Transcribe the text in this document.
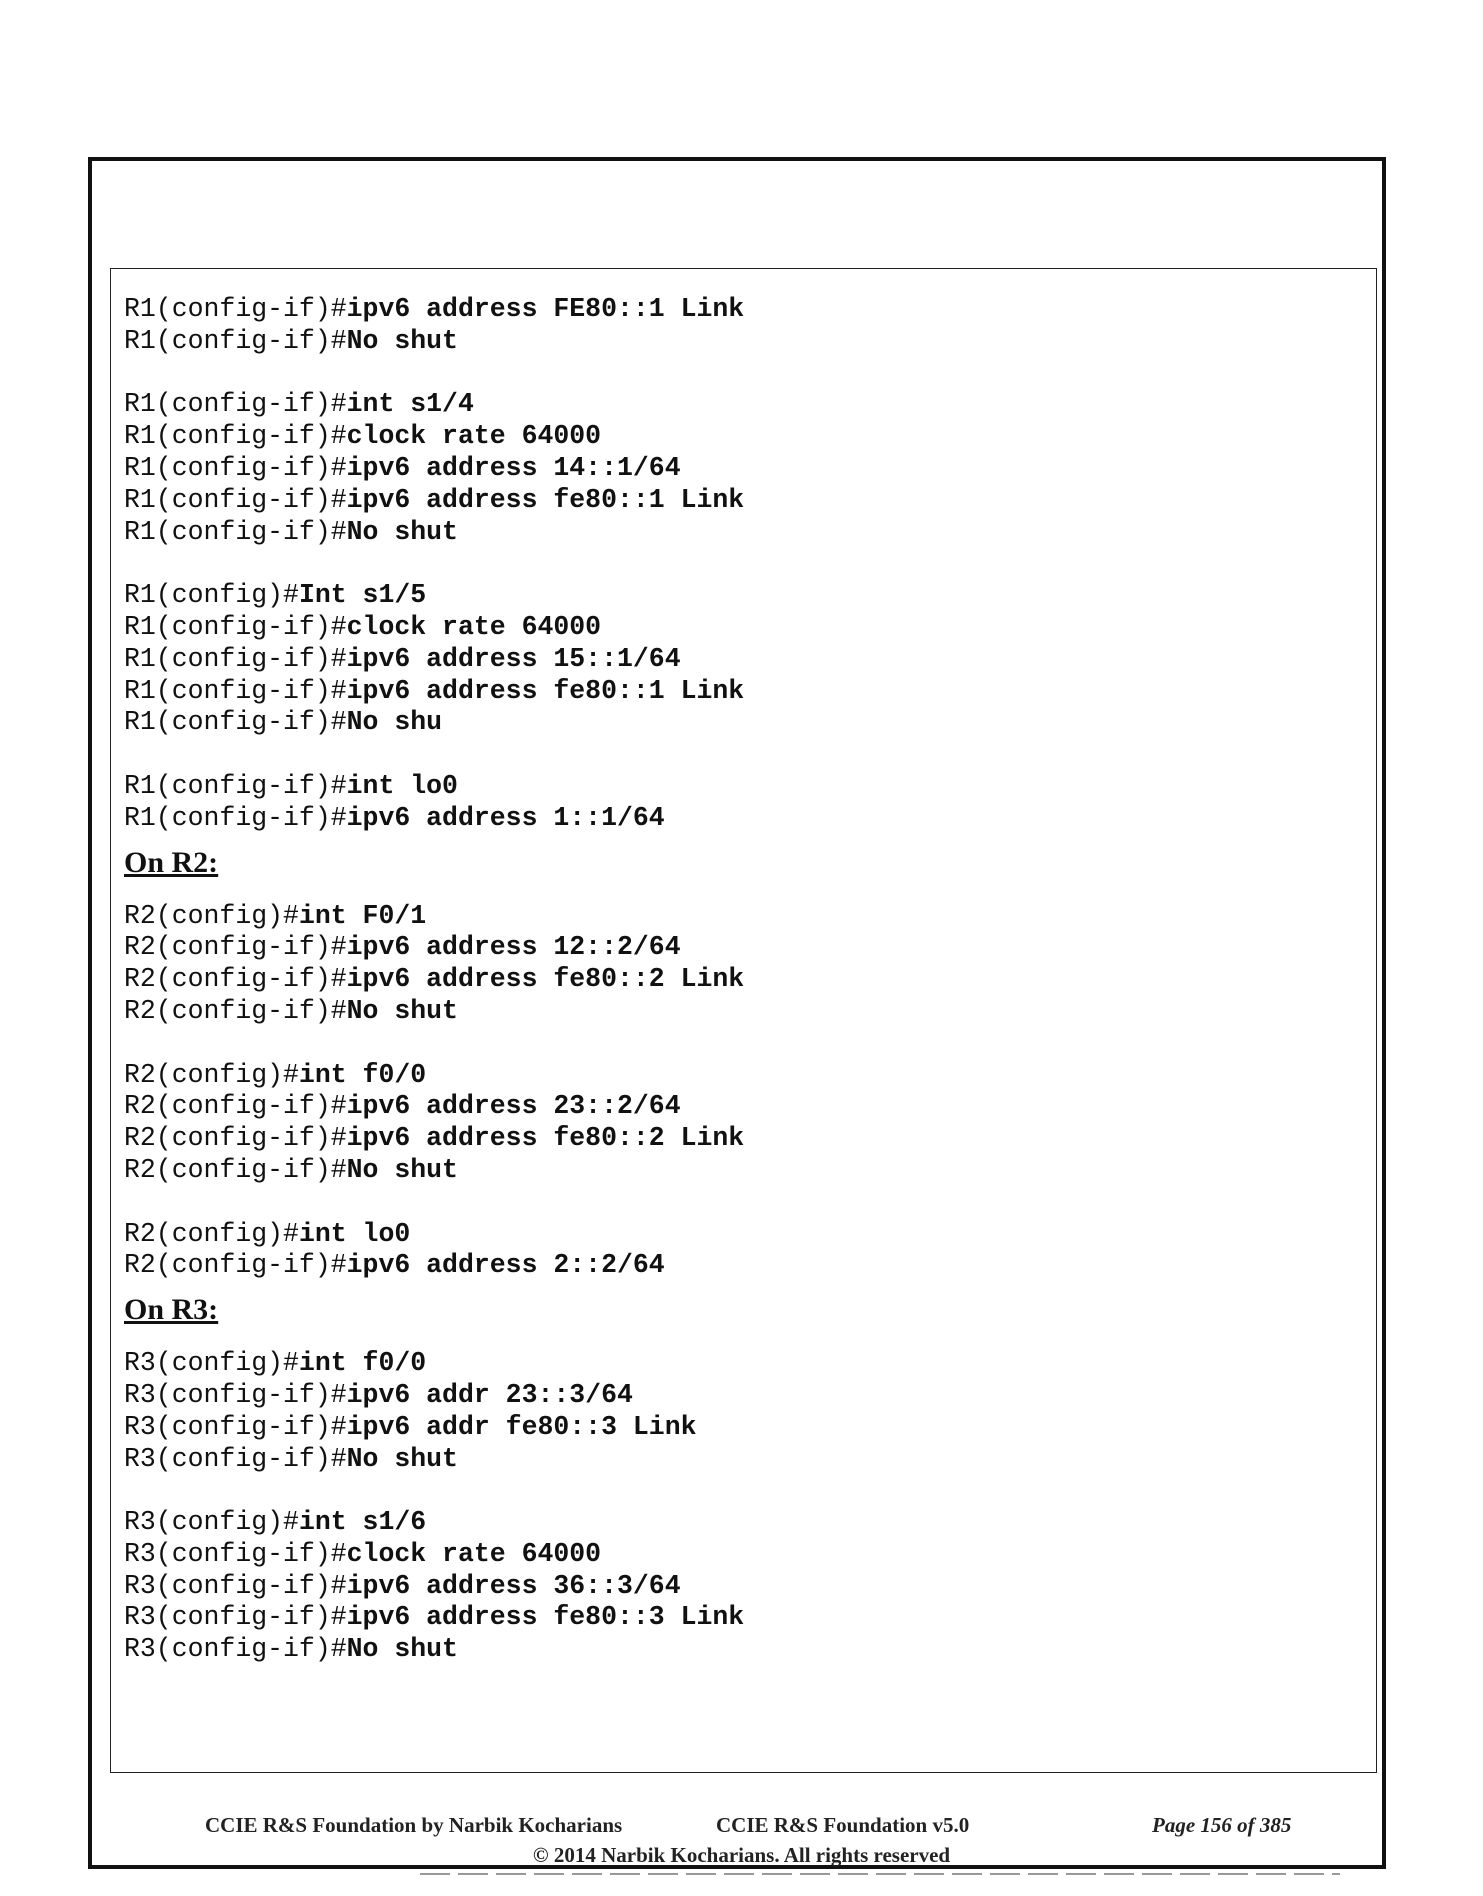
R1(config-if)#ipv6 address FE80::1 Link
R1(config-if)#No shut
R1(config-if)#int s1/4
R1(config-if)#clock rate 64000
R1(config-if)#ipv6 address 14::1/64
R1(config-if)#ipv6 address fe80::1 Link
R1(config-if)#No shut
R1(config)#Int s1/5
R1(config-if)#clock rate 64000
R1(config-if)#ipv6 address 15::1/64
R1(config-if)#ipv6 address fe80::1 Link
R1(config-if)#No shu
R1(config-if)#int lo0
R1(config-if)#ipv6 address 1::1/64
On R2:
R2(config)#int F0/1
R2(config-if)#ipv6 address 12::2/64
R2(config-if)#ipv6 address fe80::2 Link
R2(config-if)#No shut
R2(config)#int f0/0
R2(config-if)#ipv6 address 23::2/64
R2(config-if)#ipv6 address fe80::2 Link
R2(config-if)#No shut
R2(config)#int lo0
R2(config-if)#ipv6 address 2::2/64
On R3:
R3(config)#int f0/0
R3(config-if)#ipv6 addr 23::3/64
R3(config-if)#ipv6 addr fe80::3 Link
R3(config-if)#No shut
R3(config)#int s1/6
R3(config-if)#clock rate 64000
R3(config-if)#ipv6 address 36::3/64
R3(config-if)#ipv6 address fe80::3 Link
R3(config-if)#No shut
CCIE R&S Foundation by Narbik Kocharians	CCIE R&S Foundation v5.0	Page 156 of 385
© 2014 Narbik Kocharians. All rights reserved
